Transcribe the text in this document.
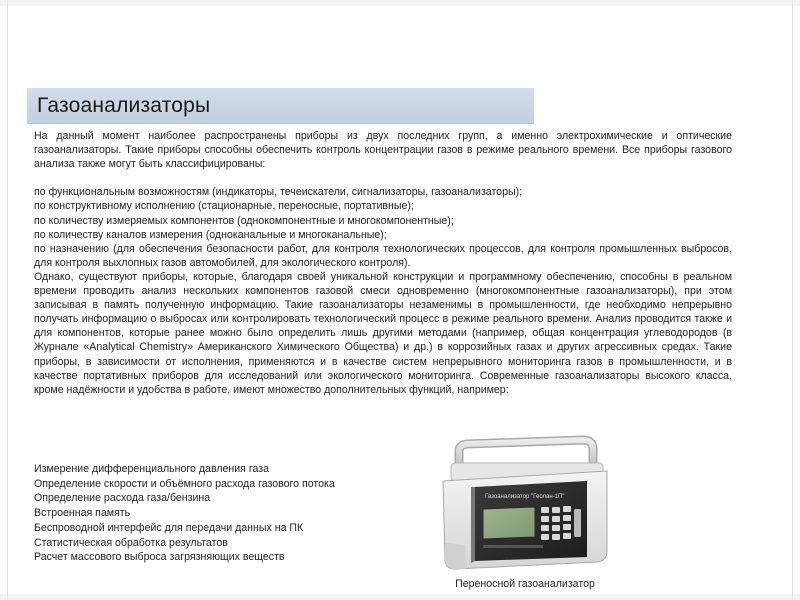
Газоанализаторы

На данный момент наиболее распространены приборы из двух последних групп, а именно электрохимические и оптические газоанализаторы. Такие приборы способны обеспечить контроль концентрации газов в режиме реального времени. Все приборы газового анализа также могут быть классифицированы:

по функциональным возможностям (индикаторы, течеискатели, сигнализаторы, газоанализаторы);

по конструктивному исполнению (стационарные, переносные, портативные);

по количеству измеряемых компонентов (однокомпонентные и многокомпонентные);

по количеству каналов измерения (одноканальные и многоканальные);

по назначению (для обеспечения безопасности работ, для контроля технологических процессов, для контроля промышленных выбросов, для контроля выхлопных газов автомобилей, для экологического контроля).

Однако, существуют приборы, которые, благодаря своей уникальной конструкции и программному обеспечению, способны в реальном времени проводить анализ нескольких компонентов газовой смеси одновременно (многокомпонентные газоанализаторы), при этом записывая в память полученную информацию. Такие газоанализаторы незаменимы в промышленности, где необходимо непрерывно получать информацию о выбросах или контролировать технологический процесс в режиме реального времени. Анализ проводится также и для компонентов, которые ранее можно было определить лишь другими методами (например, общая концентрация углеводородов (в Журнале «Analytical Chemistry» Американского Химического Общества) и др.) в коррозийных газах и других агрессивных средах. Такие приборы, в зависимости от исполнения, применяются и в качестве систем непрерывного мониторинга газов в промышленности, и в качестве портативных приборов для исследований или экологического мониторинга. Современные газоанализаторы высокого класса, кроме надёжности и удобства в работе, имеют множество дополнительных функций, например:

Измерение дифференциального давления газа
Определение скорости и объёмного расхода газового потока
Определение расхода газа/бензина
Встроенная память
Беспроводной интерфейс для передачи данных на ПК
Статистическая обработка результатов
Расчет массового выброса загрязняющих веществ
Газоанализатор "Геолан-1П"
Переносной газоанализатор
